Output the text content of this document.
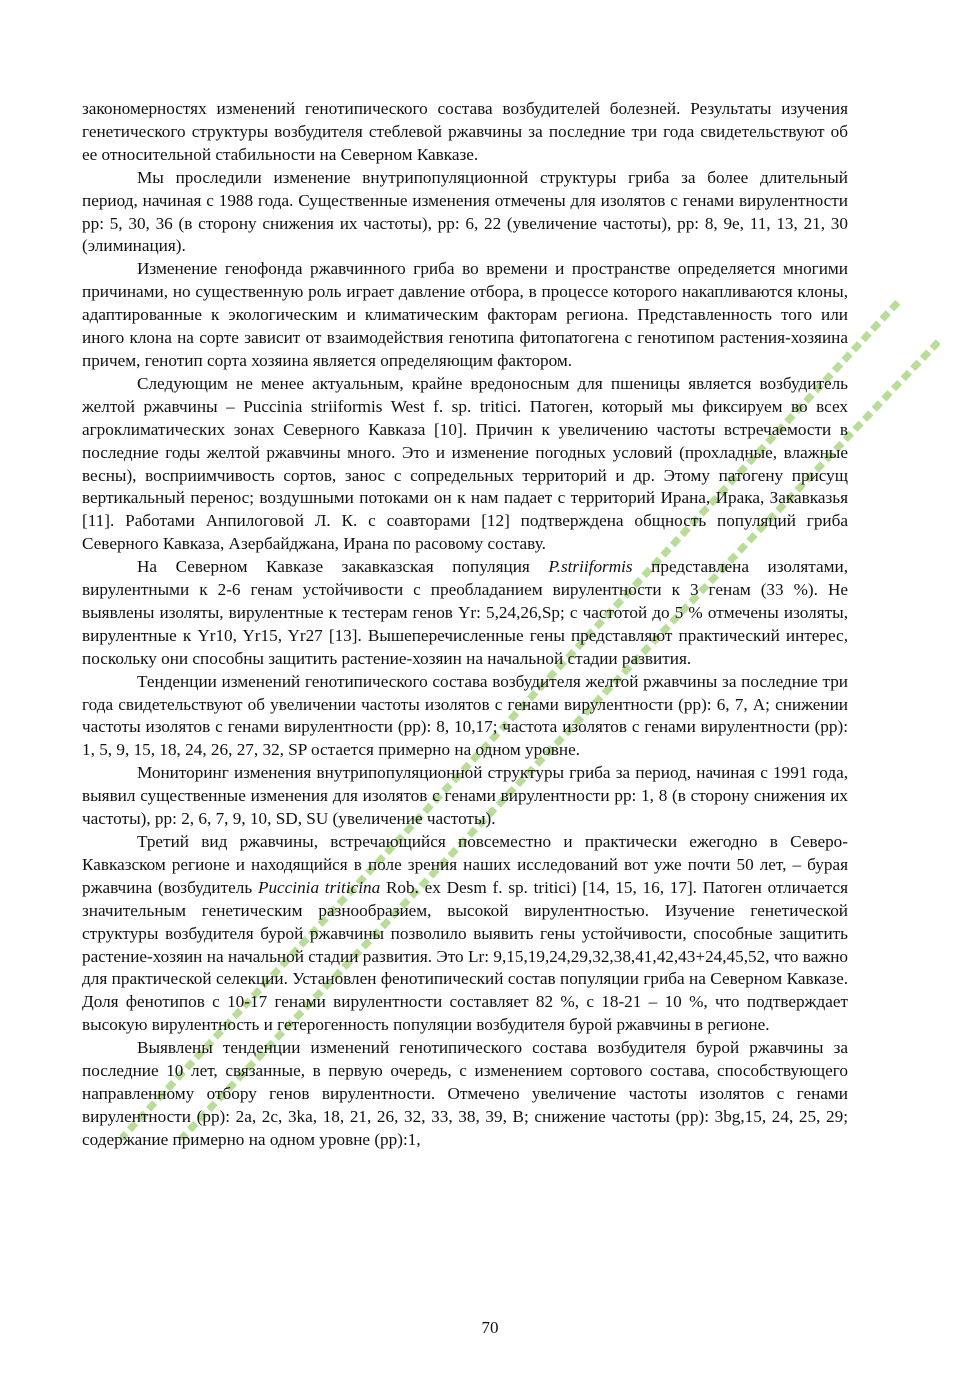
закономерностях изменений генотипического состава возбудителей болезней. Результаты изучения генетического структуры возбудителя стеблевой ржавчины за последние три года свидетельствуют об ее относительной стабильности на Северном Кавказе.

Мы проследили изменение внутрипопуляционной структуры гриба за более длительный период, начиная с 1988 года. Существенные изменения отмечены для изолятов с генами вирулентности pp: 5, 30, 36 (в сторону снижения их частоты), pp: 6, 22 (увеличение частоты), pp: 8, 9e, 11, 13, 21, 30 (элиминация).

Изменение генофонда ржавчинного гриба во времени и пространстве определяется многими причинами, но существенную роль играет давление отбора, в процессе которого накапливаются клоны, адаптированные к экологическим и климатическим факторам региона. Представленность того или иного клона на сорте зависит от взаимодействия генотипа фитопатогена с генотипом растения-хозяина причем, генотип сорта хозяина является определяющим фактором.

Следующим не менее актуальным, крайне вредоносным для пшеницы является возбудитель желтой ржавчины – Puccinia striiformis West f. sp. tritici. Патоген, который мы фиксируем во всех агроклиматических зонах Северного Кавказа [10]. Причин к увеличению частоты встречаемости в последние годы желтой ржавчины много. Это и изменение погодных условий (прохладные, влажные весны), восприимчивость сортов, занос с сопредельных территорий и др. Этому патогену присущ вертикальный перенос; воздушными потоками он к нам падает с территорий Ирана, Ирака, Закавказья [11]. Работами Анпилоговой Л. К. с соавторами [12] подтверждена общность популяций гриба Северного Кавказа, Азербайджана, Ирана по расовому составу.

На Северном Кавказе закавказская популяция P.striiformis представлена изолятами, вирулентными к 2-6 генам устойчивости с преобладанием вирулентности к 3 генам (33 %). Не выявлены изоляты, вирулентные к тестерам генов Yr: 5,24,26,Sp; с частотой до 5 % отмечены изоляты, вирулентные к Yr10, Yr15, Yr27 [13]. Вышеперечисленные гены представляют практический интерес, поскольку они способны защитить растение-хозяин на начальной стадии развития.

Тенденции изменений генотипического состава возбудителя желтой ржавчины за последние три года свидетельствуют об увеличении частоты изолятов с генами вирулентности (pp): 6, 7, A; снижении частоты изолятов с генами вирулентности (pp): 8, 10,17; частота изолятов с генами вирулентности (pp): 1, 5, 9, 15, 18, 24, 26, 27, 32, SP остается примерно на одном уровне.

Мониторинг изменения внутрипопуляционной структуры гриба за период, начиная с 1991 года, выявил существенные изменения для изолятов с генами вирулентности pp: 1, 8 (в сторону снижения их частоты), pp: 2, 6, 7, 9, 10, SD, SU (увеличение частоты).

Третий вид ржавчины, встречающийся повсеместно и практически ежегодно в Северо-Кавказском регионе и находящийся в поле зрения наших исследований вот уже почти 50 лет, – бурая ржавчина (возбудитель Puccinia triticina Rob. ex Desm f. sp. tritici) [14, 15, 16, 17]. Патоген отличается значительным генетическим разнообразием, высокой вирулентностью. Изучение генетической структуры возбудителя бурой ржавчины позволило выявить гены устойчивости, способные защитить растение-хозяин на начальной стадии развития. Это Lr: 9,15,19,24,29,32,38,41,42,43+24,45,52, что важно для практической селекции. Установлен фенотипический состав популяции гриба на Северном Кавказе. Доля фенотипов с 10-17 генами вирулентности составляет 82 %, с 18-21 – 10 %, что подтверждает высокую вирулентность и гетерогенность популяции возбудителя бурой ржавчины в регионе.

Выявлены тенденции изменений генотипического состава возбудителя бурой ржавчины за последние 10 лет, связанные, в первую очередь, с изменением сортового состава, способствующего направленному отбору генов вирулентности. Отмечено увеличение частоты изолятов с генами вирулентности (pp): 2a, 2c, 3ka, 18, 21, 26, 32, 33, 38, 39, B; снижение частоты (pp): 3bg,15, 24, 25, 29; содержание примерно на одном уровне (pp):1,

70
